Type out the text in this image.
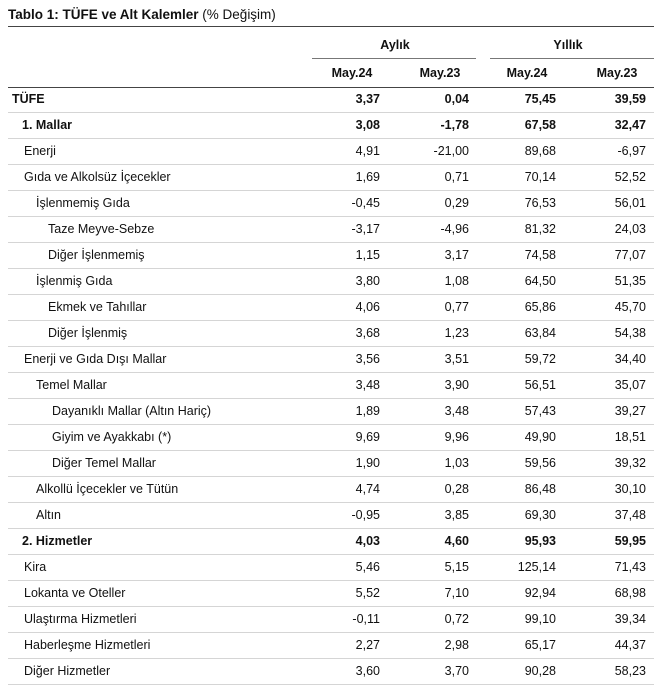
Tablo 1: TÜFE ve Alt Kalemler (% Değişim)
Aylık	Yıllık
May.24	May.23	May.24	May.23
TÜFE	3,37	0,04	75,45	39,59
1. Mallar	3,08	-1,78	67,58	32,47
Enerji	4,91	-21,00	89,68	-6,97
Gıda ve Alkolsüz İçecekler	1,69	0,71	70,14	52,52
İşlenmemiş Gıda	-0,45	0,29	76,53	56,01
Taze Meyve-Sebze	-3,17	-4,96	81,32	24,03
Diğer İşlenmemiş	1,15	3,17	74,58	77,07
İşlenmiş Gıda	3,80	1,08	64,50	51,35
Ekmek ve Tahıllar	4,06	0,77	65,86	45,70
Diğer İşlenmiş	3,68	1,23	63,84	54,38
Enerji ve Gıda Dışı Mallar	3,56	3,51	59,72	34,40
Temel Mallar	3,48	3,90	56,51	35,07
Dayanıklı Mallar (Altın Hariç)	1,89	3,48	57,43	39,27
Giyim ve Ayakkabı (*)	9,69	9,96	49,90	18,51
Diğer Temel Mallar	1,90	1,03	59,56	39,32
Alkollü İçecekler ve Tütün	4,74	0,28	86,48	30,10
Altın	-0,95	3,85	69,30	37,48
2. Hizmetler	4,03	4,60	95,93	59,95
Kira	5,46	5,15	125,14	71,43
Lokanta ve Oteller	5,52	7,10	92,94	68,98
Ulaştırma Hizmetleri	-0,11	0,72	99,10	39,34
Haberleşme Hizmetleri	2,27	2,98	65,17	44,37
Diğer Hizmetler	3,60	3,70	90,28	58,23
